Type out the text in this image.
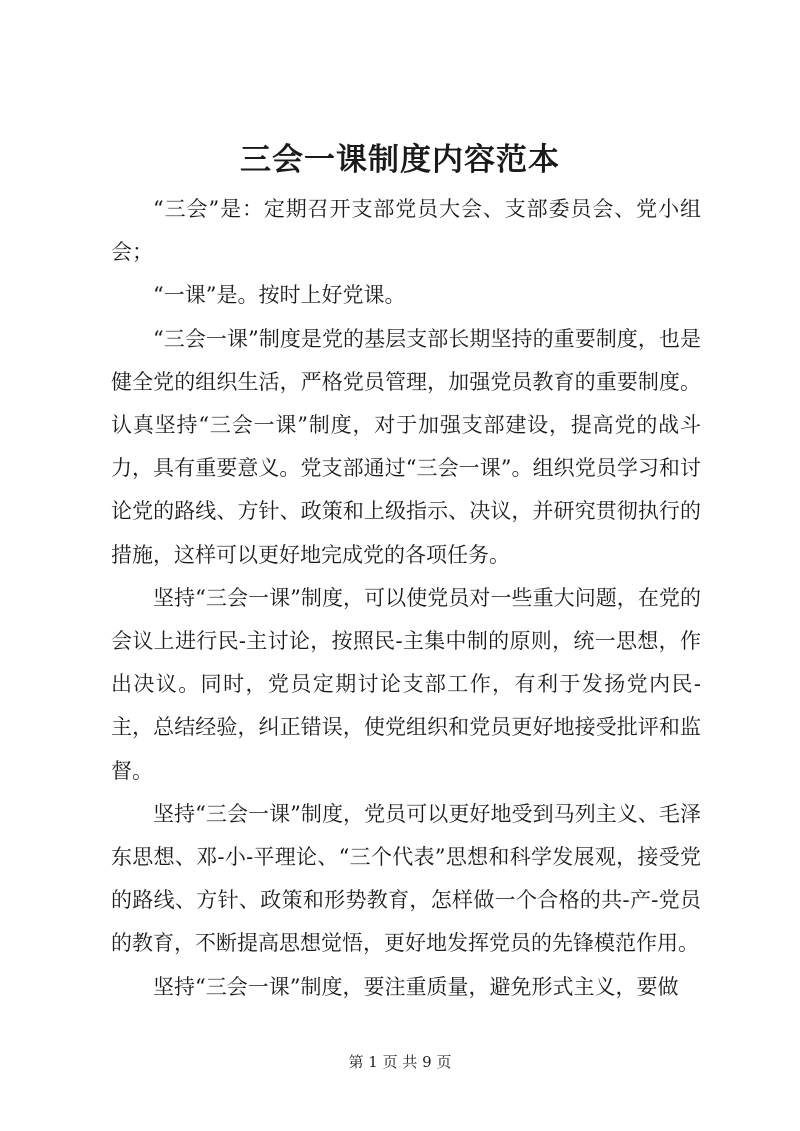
三会一课制度内容范本

“三会”是：定期召开支部党员大会、支部委员会、党小组会；

“一课”是。按时上好党课。

“三会一课”制度是党的基层支部长期坚持的重要制度，也是健全党的组织生活，严格党员管理，加强党员教育的重要制度。认真坚持“三会一课”制度，对于加强支部建设，提高党的战斗力，具有重要意义。党支部通过“三会一课”。组织党员学习和讨论党的路线、方针、政策和上级指示、决议，并研究贯彻执行的措施，这样可以更好地完成党的各项任务。

坚持“三会一课”制度，可以使党员对一些重大问题，在党的会议上进行民-主讨论，按照民-主集中制的原则，统一思想，作出决议。同时，党员定期讨论支部工作，有利于发扬党内民-主，总结经验，纠正错误，使党组织和党员更好地接受批评和监督。

坚持“三会一课”制度，党员可以更好地受到马列主义、毛泽东思想、邓-小-平理论、“三个代表”思想和科学发展观，接受党的路线、方针、政策和形势教育，怎样做一个合格的共-产-党员的教育，不断提高思想觉悟，更好地发挥党员的先锋模范作用。

坚持“三会一课”制度，要注重质量，避免形式主义，要做

第 1 页 共 9 页
